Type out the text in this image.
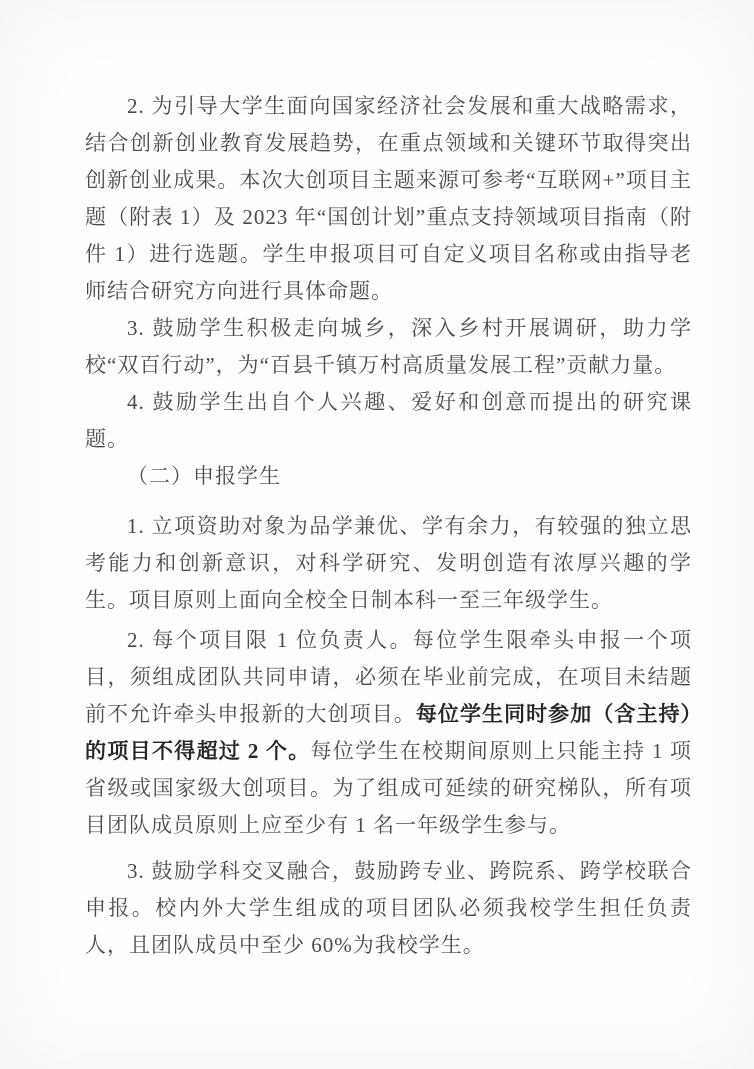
2. 为引导大学生面向国家经济社会发展和重大战略需求，结合创新创业教育发展趋势，在重点领域和关键环节取得突出创新创业成果。本次大创项目主题来源可参考“互联网+”项目主题（附表 1）及 2023 年“国创计划”重点支持领域项目指南（附件 1）进行选题。学生申报项目可自定义项目名称或由指导老师结合研究方向进行具体命题。

3. 鼓励学生积极走向城乡，深入乡村开展调研，助力学校“双百行动”，为“百县千镇万村高质量发展工程”贡献力量。

4. 鼓励学生出自个人兴趣、爱好和创意而提出的研究课题。

（二）申报学生

1. 立项资助对象为品学兼优、学有余力，有较强的独立思考能力和创新意识，对科学研究、发明创造有浓厚兴趣的学生。项目原则上面向全校全日制本科一至三年级学生。

2. 每个项目限 1 位负责人。每位学生限牵头申报一个项目，须组成团队共同申请，必须在毕业前完成，在项目未结题前不允许牵头申报新的大创项目。每位学生同时参加（含主持）的项目不得超过 2 个。每位学生在校期间原则上只能主持 1 项省级或国家级大创项目。为了组成可延续的研究梯队，所有项目团队成员原则上应至少有 1 名一年级学生参与。

3. 鼓励学科交叉融合，鼓励跨专业、跨院系、跨学校联合申报。校内外大学生组成的项目团队必须我校学生担任负责人，且团队成员中至少 60%为我校学生。
